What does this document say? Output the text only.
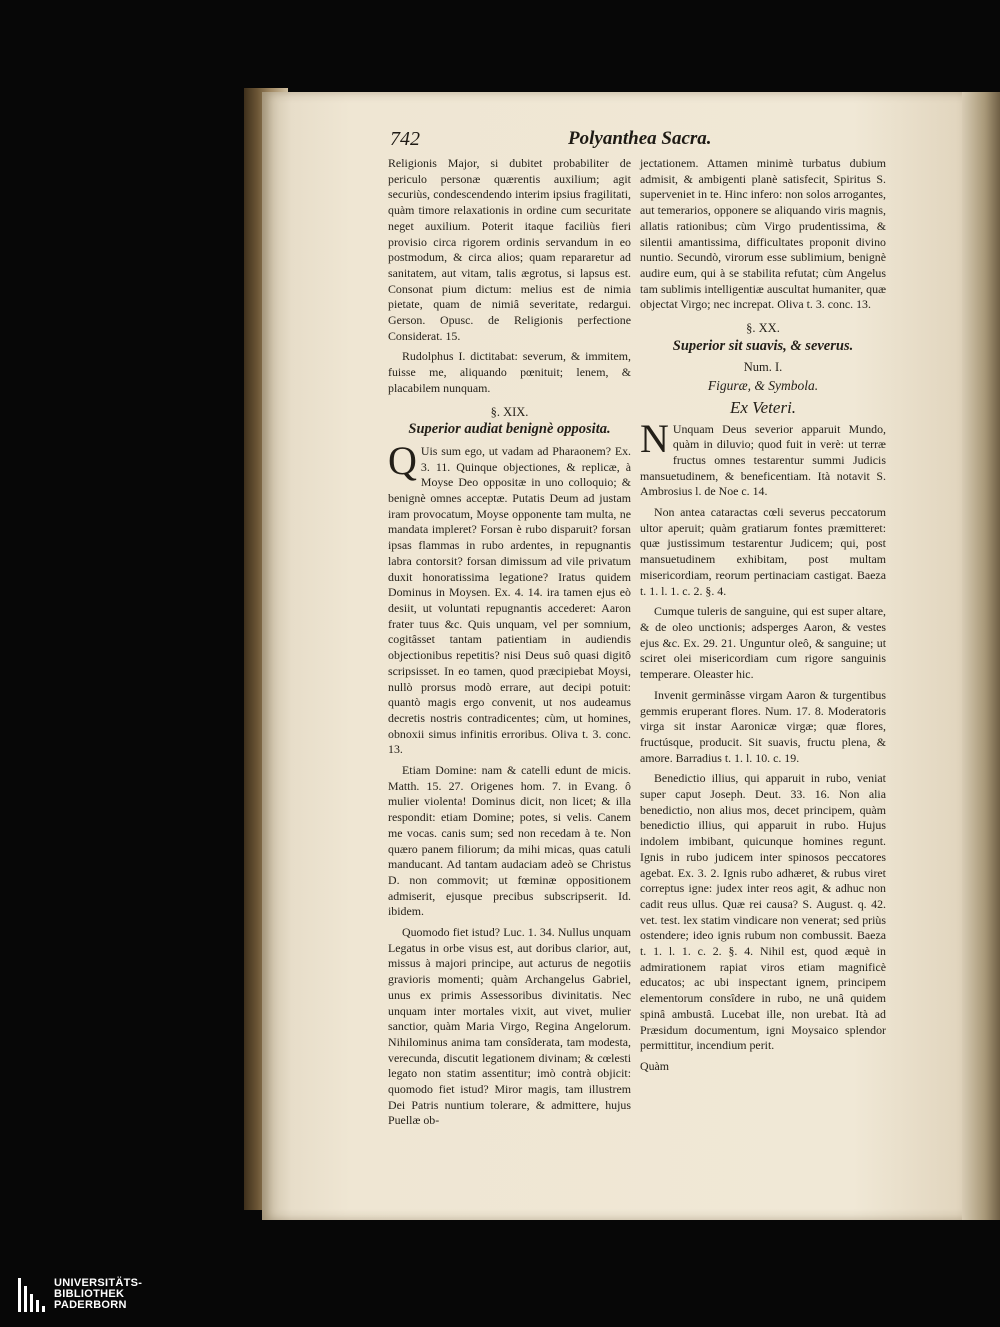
742	Polyanthea Sacra.

Religionis Major, si dubitet probabiliter de periculo personæ quærentis auxilium; agit securiùs, condescendendo interim ipsius fragilitati, quàm timore relaxationis in ordine cum securitate neget auxilium. Poterit itaque faciliùs fieri provisio circa rigorem ordinis servandum in eo postmodum, & circa alios; quam repararetur ad sanitatem, aut vitam, talis ægrotus, si lapsus est. Consonat pium dictum: melius est de nimia pietate, quam de nimiâ severitate, redargui. Gerson. Opusc. de Religionis perfectione Considerat. 15.

Rudolphus I. dictitabat: severum, & immitem, fuisse me, aliquando pœnituit; lenem, & placabilem nunquam.

§. XIX.
Superior audiat benignè opposita.

Q Uis sum ego, ut vadam ad Pharaonem? Ex. 3. 11. Quinque objectiones, & replicæ, à Moyse Deo oppositæ in uno colloquio; & benignè omnes acceptæ. Putatis Deum ad justam iram provocatum, Moyse opponente tam multa, ne mandata impleret? Forsan è rubo disparuit? forsan ipsas flammas in rubo ardentes, in repugnantis labra contorsit? forsan dimissum ad vile privatum duxit honoratissima legatione? Iratus quidem Dominus in Moysen. Ex. 4. 14. ira tamen ejus eò desiit, ut voluntati repugnantis accederet: Aaron frater tuus &c. Quis unquam, vel per somnium, cogitâsset tantam patientiam in audiendis objectionibus repetitis? nisi Deus suô quasi digitô scripsisset. In eo tamen, quod præcipiebat Moysi, nullò prorsus modò errare, aut decipi potuit: quantò magis ergo convenit, ut nos audeamus decretis nostris contradicentes; cùm, ut homines, obnoxii simus infinitis erroribus. Oliva t. 3. conc. 13.

Etiam Domine: nam & catelli edunt de micis. Matth. 15. 27. Origenes hom. 7. in Evang. ô mulier violenta! Dominus dicit, non licet; & illa respondit: etiam Domine; potes, si velis. Canem me vocas. canis sum; sed non recedam à te. Non quæro panem filiorum; da mihi micas, quas catuli manducant. Ad tantam audaciam adeò se Christus D. non commovit; ut fœminæ oppositionem admiserit, ejusque precibus subscripserit. Id. ibidem.

Quomodo fiet istud? Luc. 1. 34. Nullus unquam Legatus in orbe visus est, aut doribus clarior, aut, missus à majori principe, aut acturus de negotiis gravioris momenti; quàm Archangelus Gabriel, unus ex primis Assessoribus divinitatis. Nec unquam inter mortales vixit, aut vivet, mulier sanctior, quàm Maria Virgo, Regina Angelorum. Nihilominus anima tam consîderata, tam modesta, verecunda, discutit legationem divinam; & cœlesti legato non statim assentitur; imò contrà objicit: quomodo fiet istud? Miror magis, tam illustrem Dei Patris nuntium tolerare, & admittere, hujus Puellæ ob-

jectationem. Attamen minimè turbatus dubium admisit, & ambigenti planè satisfecit, Spiritus S. superveniet in te. Hinc infero: non solos arrogantes, aut temerarios, opponere se aliquando viris magnis, allatis rationibus; cùm Virgo prudentissima, & silentii amantissima, difficultates proponit divino nuntio. Secundò, virorum esse sublimium, benignè audire eum, qui à se stabilita refutat; cùm Angelus tam sublimis intelligentiæ auscultat humaniter, quæ objectat Virgo; nec increpat. Oliva t. 3. conc. 13.

§. XX.
Superior sit suavis, & severus.
Num. I.
Figuræ, & Symbola.
Ex Veteri.

N Unquam Deus severior apparuit Mundo, quàm in diluvio; quod fuit in verè: ut terræ fructus omnes testarentur summi Judicis mansuetudinem, & beneficentiam. Ità notavit S. Ambrosius l. de Noe c. 14.

Non antea cataractas cœli severus peccatorum ultor aperuit; quàm gratiarum fontes præmitteret: quæ justissimum testarentur Judicem; qui, post mansuetudinem exhibitam, post multam misericordiam, reorum pertinaciam castigat. Baeza t. 1. l. 1. c. 2. §. 4.

Cumque tuleris de sanguine, qui est super altare, & de oleo unctionis; adsperges Aaron, & vestes ejus &c. Ex. 29. 21. Unguntur oleô, & sanguine; ut sciret olei misericordiam cum rigore sanguinis temperare. Oleaster hic.

Invenit germinâsse virgam Aaron & turgentibus gemmis eruperant flores. Num. 17. 8. Moderatoris virga sit instar Aaronicæ virgæ; quæ flores, fructúsque, producit. Sit suavis, fructu plena, & amore. Barradius t. 1. l. 10. c. 19.

Benedictio illius, qui apparuit in rubo, veniat super caput Joseph. Deut. 33. 16. Non alia benedictio, non alius mos, decet principem, quàm benedictio illius, qui apparuit in rubo. Hujus indolem imbibant, quicunque homines regunt. Ignis in rubo judicem inter spinosos peccatores agebat. Ex. 3. 2. Ignis rubo adhæret, & rubus viret correptus igne: judex inter reos agit, & adhuc non cadit reus ullus. Quæ rei causa? S. August. q. 42. vet. test. lex statim vindicare non venerat; sed priùs ostendere; ideo ignis rubum non combussit. Baeza t. 1. l. 1. c. 2. §. 4. Nihil est, quod æquè in admirationem rapiat viros etiam magnificè educatos; ac ubi inspectant ignem, principem elementorum consîdere in rubo, ne unâ quidem spinâ ambustâ. Lucebat ille, non urebat. Ità ad Præsidum documentum, igni Moysaico splendor permittitur, incendium perit.

Quàm

UNIVERSITÄTS-
BIBLIOTHEK
PADERBORN
